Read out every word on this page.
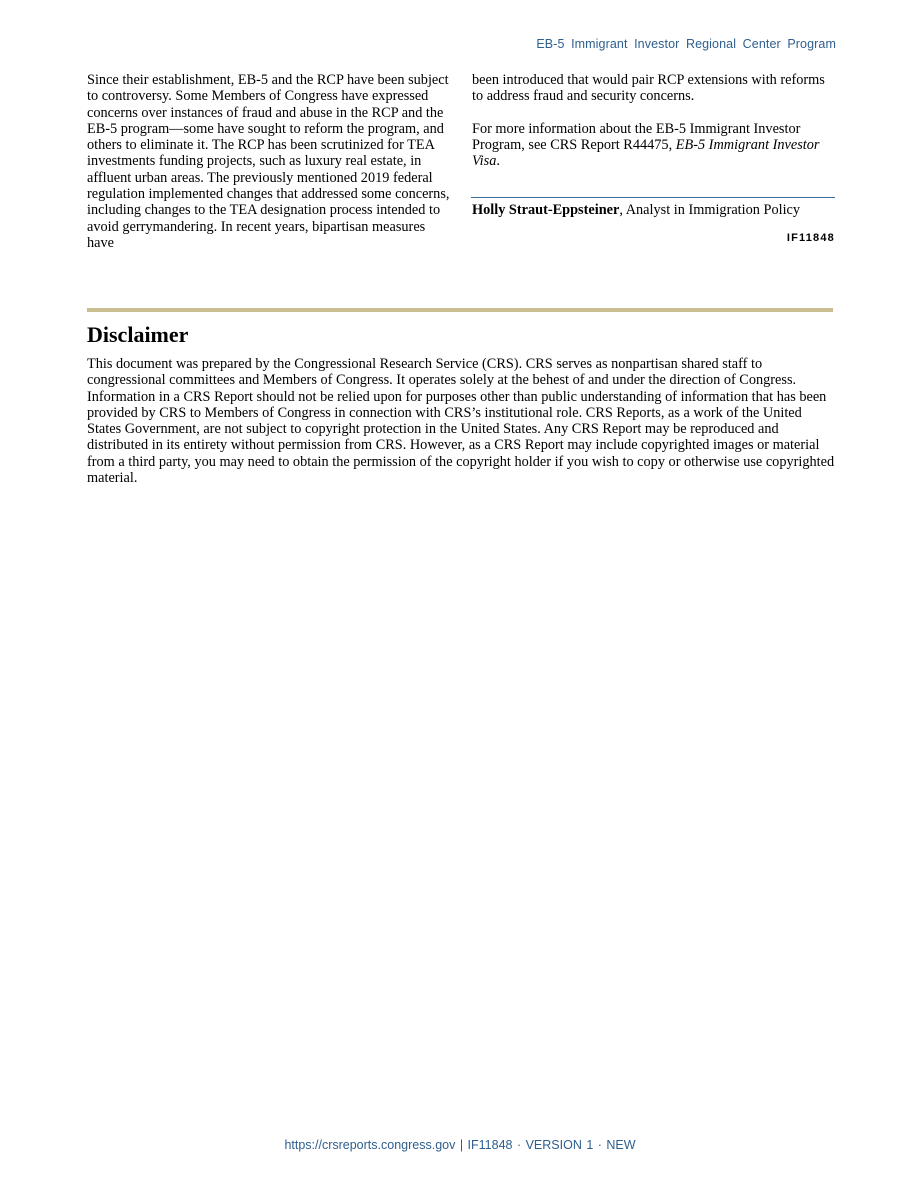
EB-5 Immigrant Investor Regional Center Program

Since their establishment, EB-5 and the RCP have been subject to controversy. Some Members of Congress have expressed concerns over instances of fraud and abuse in the RCP and the EB-5 program—some have sought to reform the program, and others to eliminate it. The RCP has been scrutinized for TEA investments funding projects, such as luxury real estate, in affluent urban areas. The previously mentioned 2019 federal regulation implemented changes that addressed some concerns, including changes to the TEA designation process intended to avoid gerrymandering. In recent years, bipartisan measures have

been introduced that would pair RCP extensions with reforms to address fraud and security concerns.

For more information about the EB-5 Immigrant Investor Program, see CRS Report R44475, EB-5 Immigrant Investor Visa.

Holly Straut-Eppsteiner, Analyst in Immigration Policy
IF11848
Disclaimer

This document was prepared by the Congressional Research Service (CRS). CRS serves as nonpartisan shared staff to congressional committees and Members of Congress. It operates solely at the behest of and under the direction of Congress. Information in a CRS Report should not be relied upon for purposes other than public understanding of information that has been provided by CRS to Members of Congress in connection with CRS’s institutional role. CRS Reports, as a work of the United States Government, are not subject to copyright protection in the United States. Any CRS Report may be reproduced and distributed in its entirety without permission from CRS. However, as a CRS Report may include copyrighted images or material from a third party, you may need to obtain the permission of the copyright holder if you wish to copy or otherwise use copyrighted material.

https://crsreports.congress.gov | IF11848 · VERSION 1 · NEW
